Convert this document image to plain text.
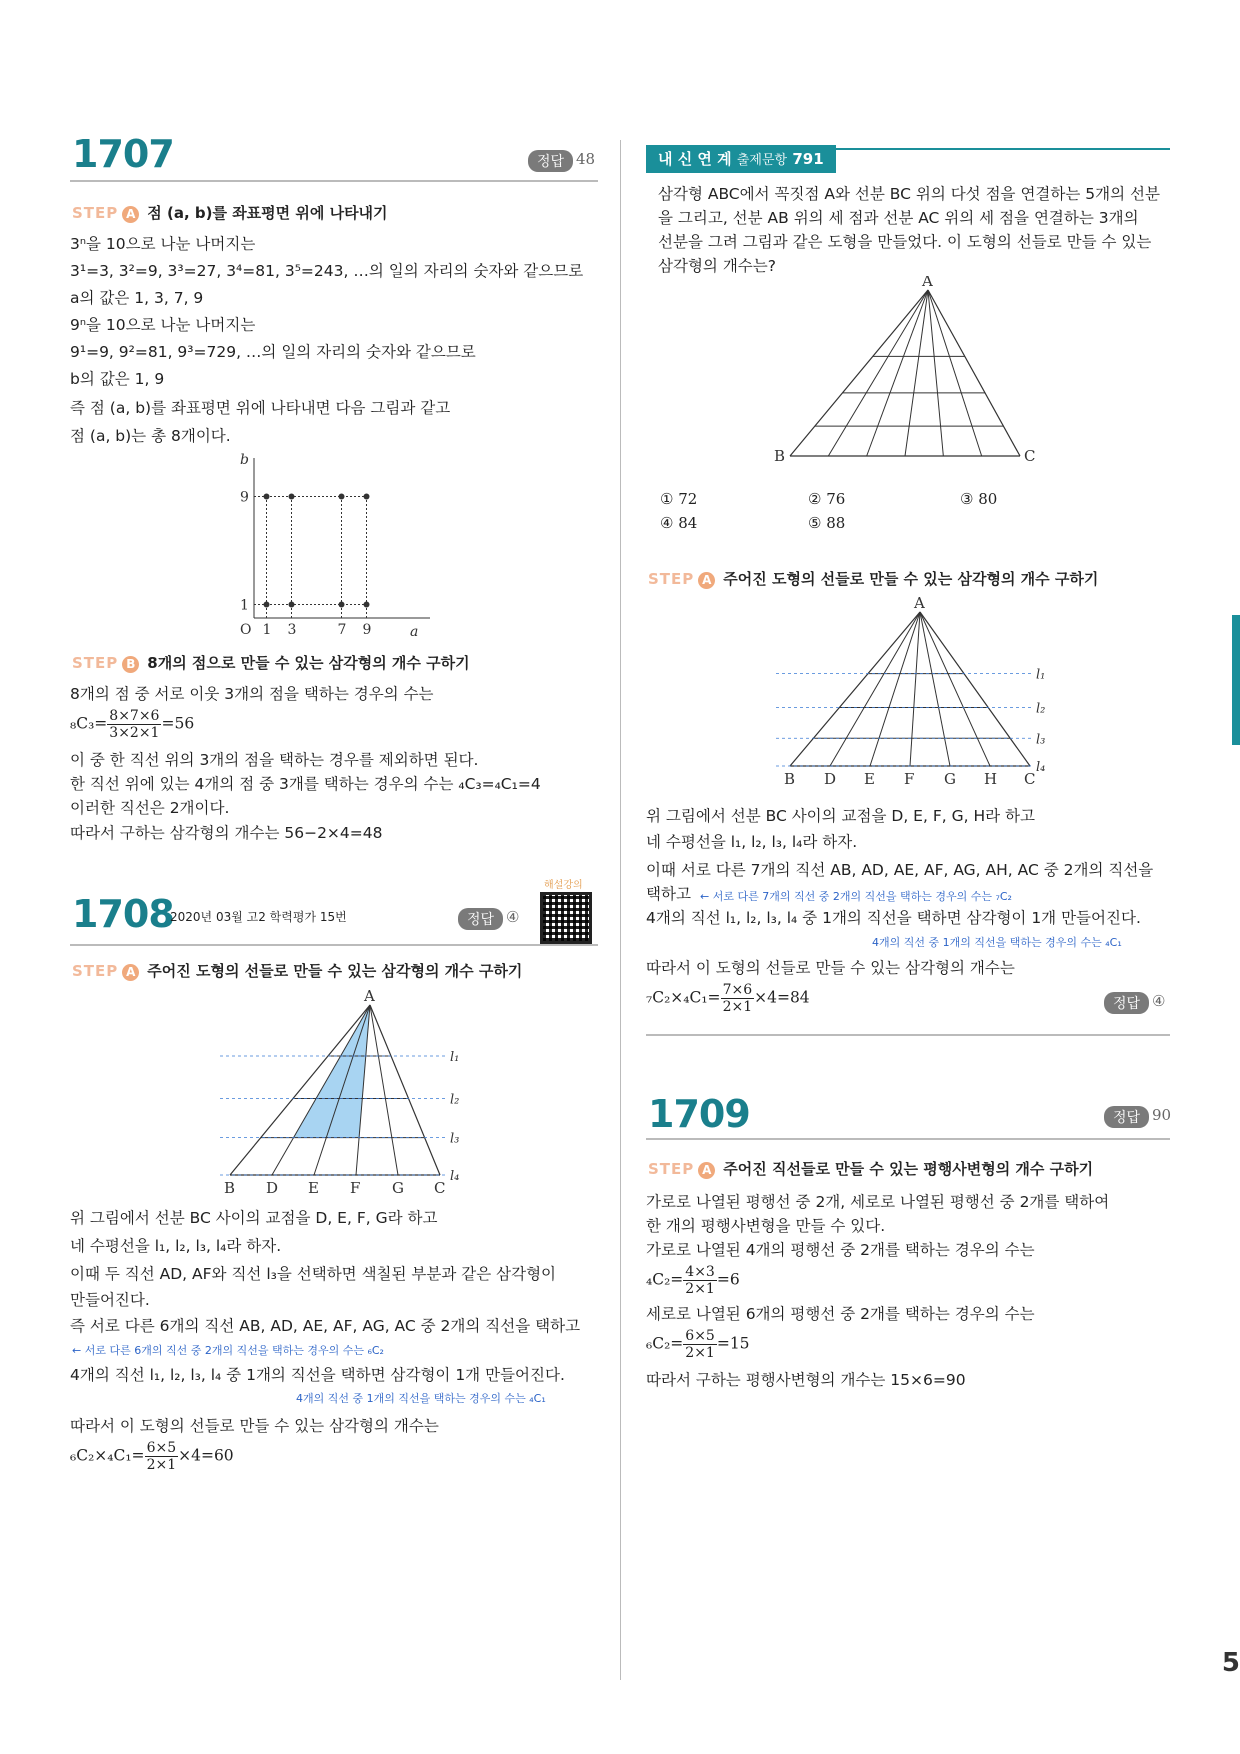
1707	정답 48
STEP A 점 (a, b)를 좌표평면 위에 나타내기
3ⁿ을 10으로 나눈 나머지는
3¹=3, 3²=9, 3³=27, 3⁴=81, 3⁵=243, …의 일의 자리의 숫자와 같으므로
a의 값은 1, 3, 7, 9
9ⁿ을 10으로 나눈 나머지는
9¹=9, 9²=81, 9³=729, …의 일의 자리의 숫자와 같으므로
b의 값은 1, 9
즉 점 (a, b)를 좌표평면 위에 나타내면 다음 그림과 같고
점 (a, b)는 총 8개이다.
b
a
O 1 3	7 9
1
9
STEP B 8개의 점으로 만들 수 있는 삼각형의 개수 구하기
8개의 점 중 서로 이웃 3개의 점을 택하는 경우의 수는
$_8C_3= \frac{8\times 7\times 6}{3\times 2\times 1} =56$
이 중 한 직선 위의 3개의 점을 택하는 경우를 제외하면 된다.
한 직선 위에 있는 4개의 점 중 3개를 택하는 경우의 수는 ₄C₃=₄C₁=4
이러한 직선은 2개이다.
따라서 구하는 삼각형의 개수는 56−2×4=48
1708
2020년 03월 고2 학력평가 15번	정답 ④
해설강의
STEP A 주어진 도형의 선들로 만들 수 있는 삼각형의 개수 구하기
l₁
l₂
l₃
l₄
A
B D E F G C
위 그림에서 선분 BC 사이의 교점을 D, E, F, G라 하고
네 수평선을 l₁, l₂, l₃, l₄라 하자.
이때 두 직선 AD, AF와 직선 l₃을 선택하면 색칠된 부분과 같은 삼각형이
만들어진다.
즉 서로 다른 6개의 직선 AB, AD, AE, AF, AG, AC 중 2개의 직선을 택하고
← 서로 다른 6개의 직선 중 2개의 직선을 택하는 경우의 수는 ₆C₂
4개의 직선 l₁, l₂, l₃, l₄ 중 1개의 직선을 택하면 삼각형이 1개 만들어진다.
4개의 직선 중 1개의 직선을 택하는 경우의 수는 ₄C₁
따라서 이 도형의 선들로 만들 수 있는 삼각형의 개수는
$_6C_2\times_4C_1= \frac{6\times 5}{2\times 1} \times 4=60$
내 신 연 계 출제문항 791
삼각형 ABC에서 꼭짓점 A와 선분 BC 위의 다섯 점을 연결하는 5개의 선분
을 그리고, 선분 AB 위의 세 점과 선분 AC 위의 세 점을 연결하는 3개의
선분을 그려 그림과 같은 도형을 만들었다. 이 도형의 선들로 만들 수 있는
삼각형의 개수는?
A
B	C
① 72	② 76	③ 80
④ 84	⑤ 88
STEP A 주어진 도형의 선들로 만들 수 있는 삼각형의 개수 구하기
l₁
l₂
l₃
l₄
A
B D E F G H C
위 그림에서 선분 BC 사이의 교점을 D, E, F, G, H라 하고
네 수평선을 l₁, l₂, l₃, l₄라 하자.
이때 서로 다른 7개의 직선 AB, AD, AE, AF, AG, AH, AC 중 2개의 직선을
택하고 ← 서로 다른 7개의 직선 중 2개의 직선을 택하는 경우의 수는 ₇C₂
4개의 직선 l₁, l₂, l₃, l₄ 중 1개의 직선을 택하면 삼각형이 1개 만들어진다.
4개의 직선 중 1개의 직선을 택하는 경우의 수는 ₄C₁
따라서 이 도형의 선들로 만들 수 있는 삼각형의 개수는
$_7C_2\times_4C_1= \frac{7\times 6}{2\times 1} \times 4=84$	정답 ④
1709	정답 90
STEP A 주어진 직선들로 만들 수 있는 평행사변형의 개수 구하기
가로로 나열된 평행선 중 2개, 세로로 나열된 평행선 중 2개를 택하여
한 개의 평행사변형을 만들 수 있다.
가로로 나열된 4개의 평행선 중 2개를 택하는 경우의 수는
$_4C_2= \frac{4\times 3}{2\times 1} =6$
세로로 나열된 6개의 평행선 중 2개를 택하는 경우의 수는
$_6C_2= \frac{6\times 5}{2\times 1} =15$
따라서 구하는 평행사변형의 개수는 15×6=90
5
